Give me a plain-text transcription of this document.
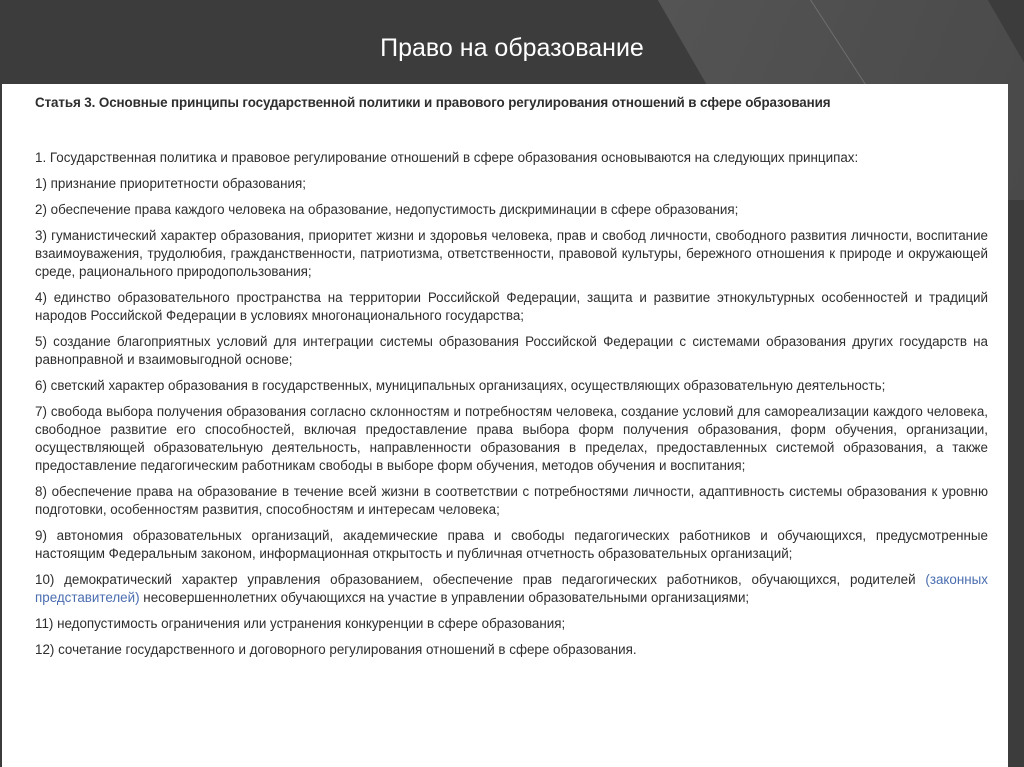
Право на образование

Статья 3. Основные принципы государственной политики и правового регулирования отношений в сфере образования

1. Государственная политика и правовое регулирование отношений в сфере образования основываются на следующих принципах:

1) признание приоритетности образования;

2) обеспечение права каждого человека на образование, недопустимость дискриминации в сфере образования;

3) гуманистический характер образования, приоритет жизни и здоровья человека, прав и свобод личности, свободного развития личности, воспитание взаимоуважения, трудолюбия, гражданственности, патриотизма, ответственности, правовой культуры, бережного отношения к природе и окружающей среде, рационального природопользования;

4) единство образовательного пространства на территории Российской Федерации, защита и развитие этнокультурных особенностей и традиций народов Российской Федерации в условиях многонационального государства;

5) создание благоприятных условий для интеграции системы образования Российской Федерации с системами образования других государств на равноправной и взаимовыгодной основе;

6) светский характер образования в государственных, муниципальных организациях, осуществляющих образовательную деятельность;

7) свобода выбора получения образования согласно склонностям и потребностям человека, создание условий для самореализации каждого человека, свободное развитие его способностей, включая предоставление права выбора форм получения образования, форм обучения, организации, осуществляющей образовательную деятельность, направленности образования в пределах, предоставленных системой образования, а также предоставление педагогическим работникам свободы в выборе форм обучения, методов обучения и воспитания;

8) обеспечение права на образование в течение всей жизни в соответствии с потребностями личности, адаптивность системы образования к уровню подготовки, особенностям развития, способностям и интересам человека;

9) автономия образовательных организаций, академические права и свободы педагогических работников и обучающихся, предусмотренные настоящим Федеральным законом, информационная открытость и публичная отчетность образовательных организаций;

10) демократический характер управления образованием, обеспечение прав педагогических работников, обучающихся, родителей (законных представителей) несовершеннолетних обучающихся на участие в управлении образовательными организациями;

11) недопустимость ограничения или устранения конкуренции в сфере образования;

12) сочетание государственного и договорного регулирования отношений в сфере образования.
